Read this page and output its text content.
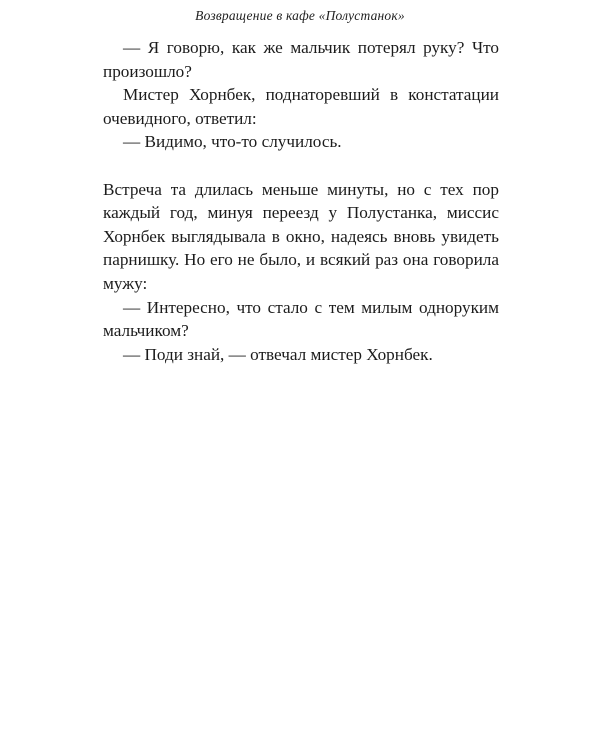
Возвращение в кафе «Полустанок»

— Я говорю, как же мальчик потерял руку? Что произошло?

Мистер Хорнбек, поднаторевший в констатации очевидного, ответил:

— Видимо, что-то случилось.

Встреча та длилась меньше минуты, но с тех пор каждый год, минуя переезд у Полустанка, миссис Хорнбек выглядывала в окно, надеясь вновь увидеть парнишку. Но его не было, и всякий раз она говорила мужу:

— Интересно, что стало с тем милым одноруким мальчиком?

— Поди знай, — отвечал мистер Хорнбек.
